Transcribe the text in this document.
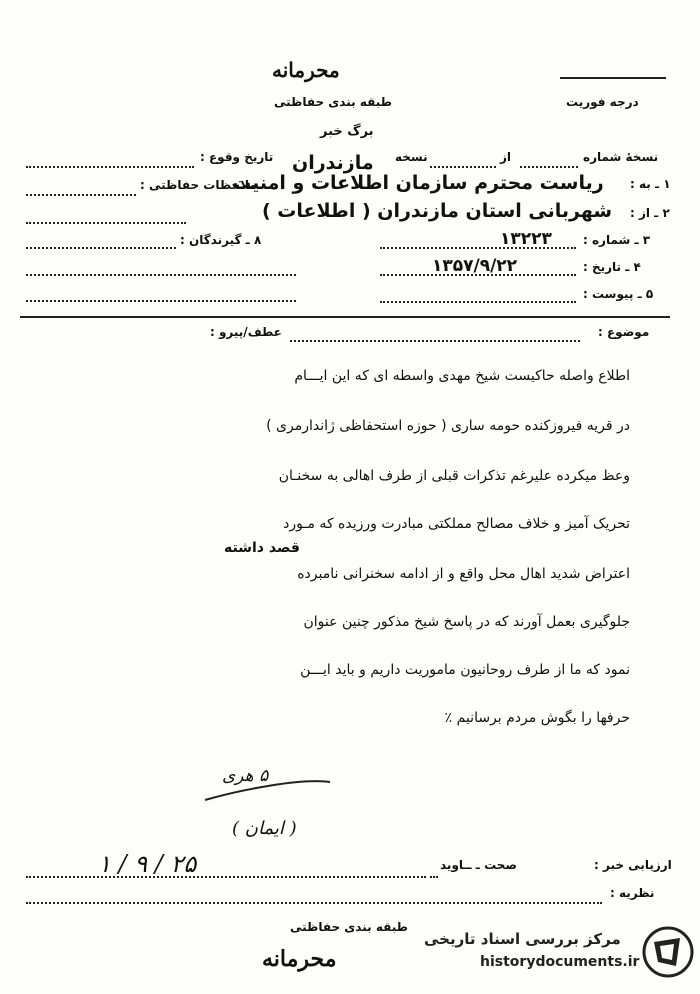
محرمانه
طبقه بندی حفاظتی	درجه فوریت
برگ خبر
نسخۀ شماره
از
نسخه
تاریخ وقوع : مازندران
۱ ـ به :
ریاست محترم سازمان اطلاعات و امنیت
ملاحظات حفاظتی :
۲ ـ از :
شهربانی استان مازندران ( اطلاعات )
۳ ـ شماره :
۱۳۲۲۳
۸ ـ گیرندگان :
۴ ـ تاریخ :
۱۳۵۷/۹/۲۲
۵ ـ پیوست :
موضوع :
عطف/پیرو :
اطلاع واصله حاکیست شیخ مهدی واسطه ای که این ایـــام
در قریه فیروزکنده حومه ساری ( حوزه استحفاظی ژاندارمری )
وعظ میکرده علیرغم تذکرات قبلی از طرف اهالی به سخنـان
تحریک آمیز و خلاف مصالح مملکتی مبادرت ورزیده که مـورد
قصد داشته
اعتراض شدید اهال محل واقع و از ادامه سخنرانی نامبرده
جلوگیری بعمل آورند که در پاسخ شیخ مذکور چنین عنوان
نمود که ما از طرف روحانیون ماموریت داریم و باید ایـــن
حرفها را بگوش مردم برسانیم ٪
۵ هری
( ایمان )
۲۵ / ۹ / ۱	ارزیابی خبر :
صحت ـ ــاوید
نظریه :
طبقه بندی حفاظتی
محرمانه
مرکز بررسی اسناد تاریخی
historydocuments.ir
